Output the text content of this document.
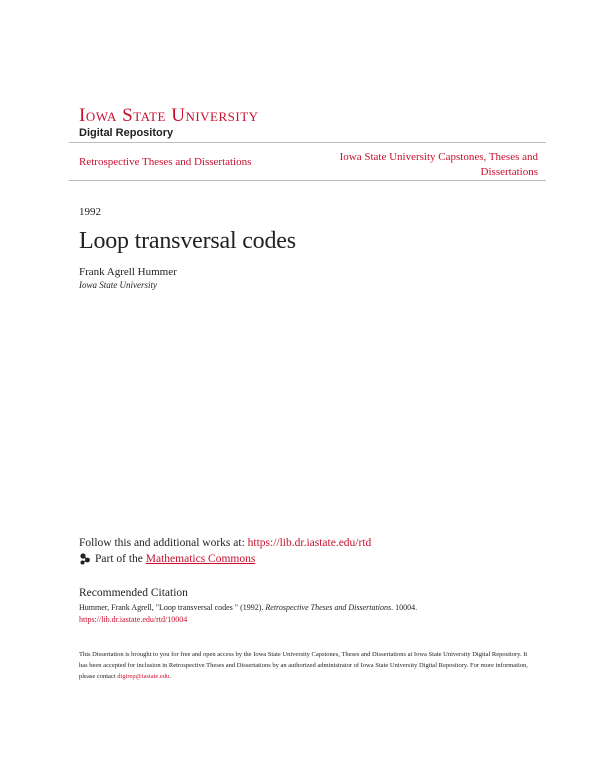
Iowa State University
Digital Repository
Retrospective Theses and Dissertations	Iowa State University Capstones, Theses and Dissertations
1992
Loop transversal codes
Frank Agrell Hummer
Iowa State University
Follow this and additional works at: https://lib.dr.iastate.edu/rtd
Part of the
Mathematics Commons
Recommended Citation
Hummer, Frank Agrell, "Loop transversal codes " (1992). Retrospective Theses and Dissertations. 10004.
https://lib.dr.iastate.edu/rtd/10004
This Dissertation is brought to you for free and open access by the Iowa State University Capstones, Theses and Dissertations at Iowa State University Digital Repository. It has been accepted for inclusion in Retrospective Theses and Dissertations by an authorized administrator of Iowa State University Digital Repository. For more information, please contact digirep@iastate.edu.
